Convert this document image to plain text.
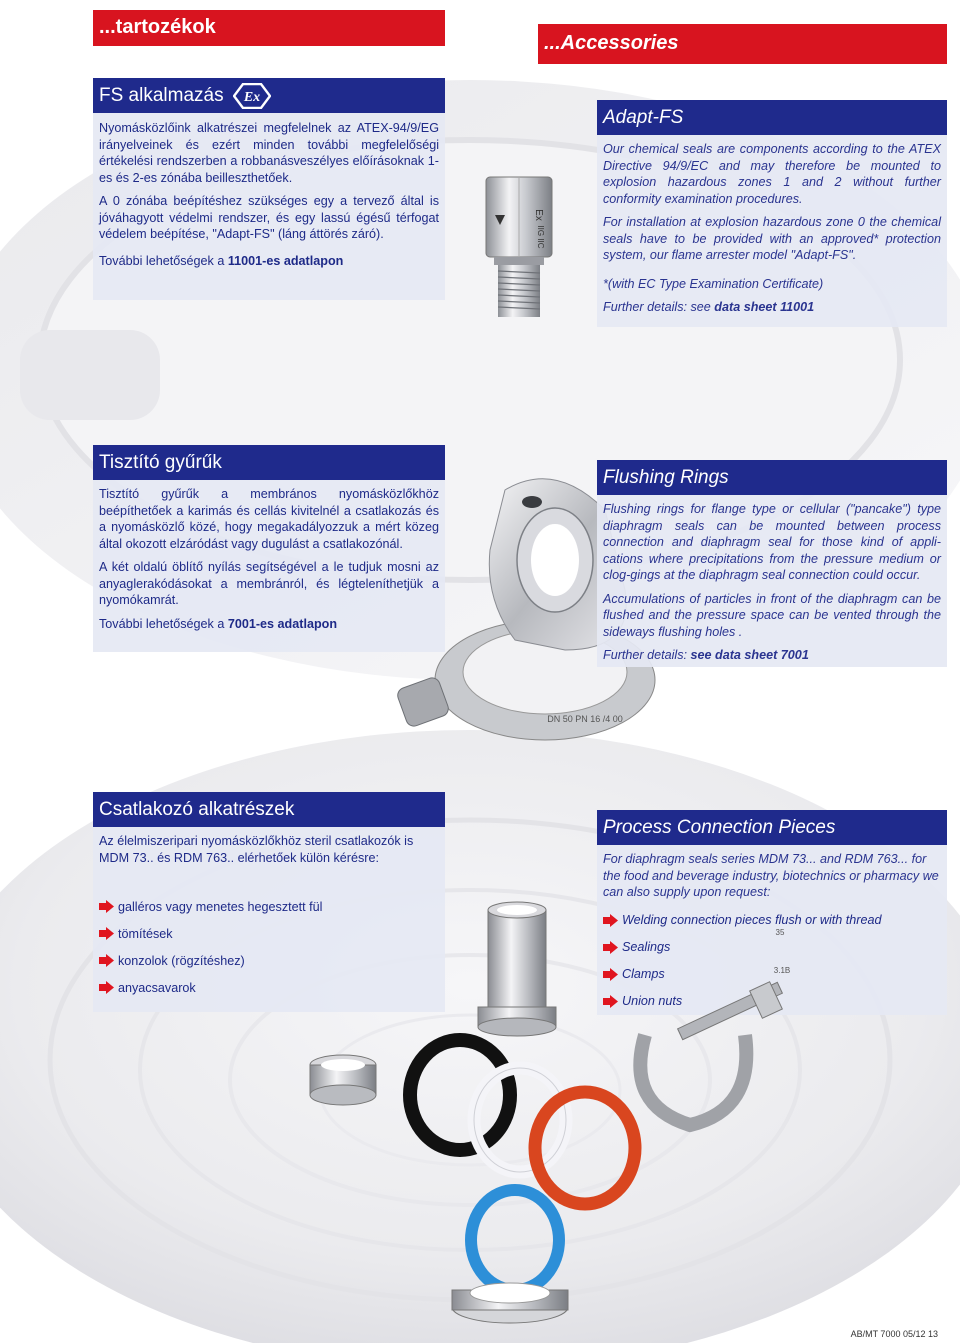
...tartozékok
...Accessories
FS alkalmazás Ex

Nyomásközlőink alkatrészei megfelelnek az ATEX-94/9/EG irányelveinek és ezért minden további megfelelőségi értékelési rendszerben a robbanásveszélyes előírásoknak 1-es és 2-es zónába beilleszthetőek.

A 0 zónába beépítéshez szükséges egy a tervező által is jóváhagyott védelmi rendszer, és egy lassú égésű térfogat védelem beépítése, "Adapt-FS" (láng áttörés záró).

További lehetőségek a 11001-es adatlapon

Ex
IIG IIC
Adapt-FS

Our chemical seals are components according to the ATEX Directive 94/9/EC and may therefore be mounted to explosion hazardous zones 1 and 2 without further conformity examination procedures.

For installation at explosion hazardous zone 0 the chemical seals have to be provided with an approved* protection system, our flame arrester model "Adapt-FS".

*(with EC Type Examination Certificate)

Further details: see data sheet 11001

Tisztító gyűrűk

Tisztító gyűrűk a membrános nyomásközlőkhöz beépíthetőek a karimás és cellás kivitelnél a csatlakozás és a nyomásközlő közé, hogy megakadályozzuk a mért közeg által okozott elzáródást vagy dugulást a csatlakozónál.

A két oldalú öblítő nyílás segítségével a le tudjuk mosni az anyaglerakódásokat a membránról, és légteleníthetjük a nyomókamrát.

További lehetőségek a 7001-es adatlapon

DN 50 PN 16 /4 00
Flushing Rings

Flushing rings for flange type or cellular ("pancake") type diaphragm seals can be mounted between process connection and diaphragm seal for those kind of appli-cations where precipitations from the pressure medium or clog-gings at the diaphragm seal connection could occur.

Accumulations of particles in front of the diaphragm can be flushed and the pressure space can be vented through the sideways flushing holes .

Further details: see data sheet 7001

Csatlakozó alkatrészek

Az élelmiszeripari nyomásközlőkhöz steril csatlakozók is MDM 73.. és RDM 763.. elérhetőek külön kérésre:

galléros vagy menetes hegesztett fül
tömítések
konzolok (rögzítéshez)
anyacsavarok
Process Connection Pieces

For diaphragm seals series MDM 73... and RDM 763... for the food and beverage industry, biotechnics or pharmacy we can also supply upon request:

Welding connection pieces flush or with thread
Sealings
Clamps
Union nuts
35
3.1B
AB/MT 7000 05/12 13
